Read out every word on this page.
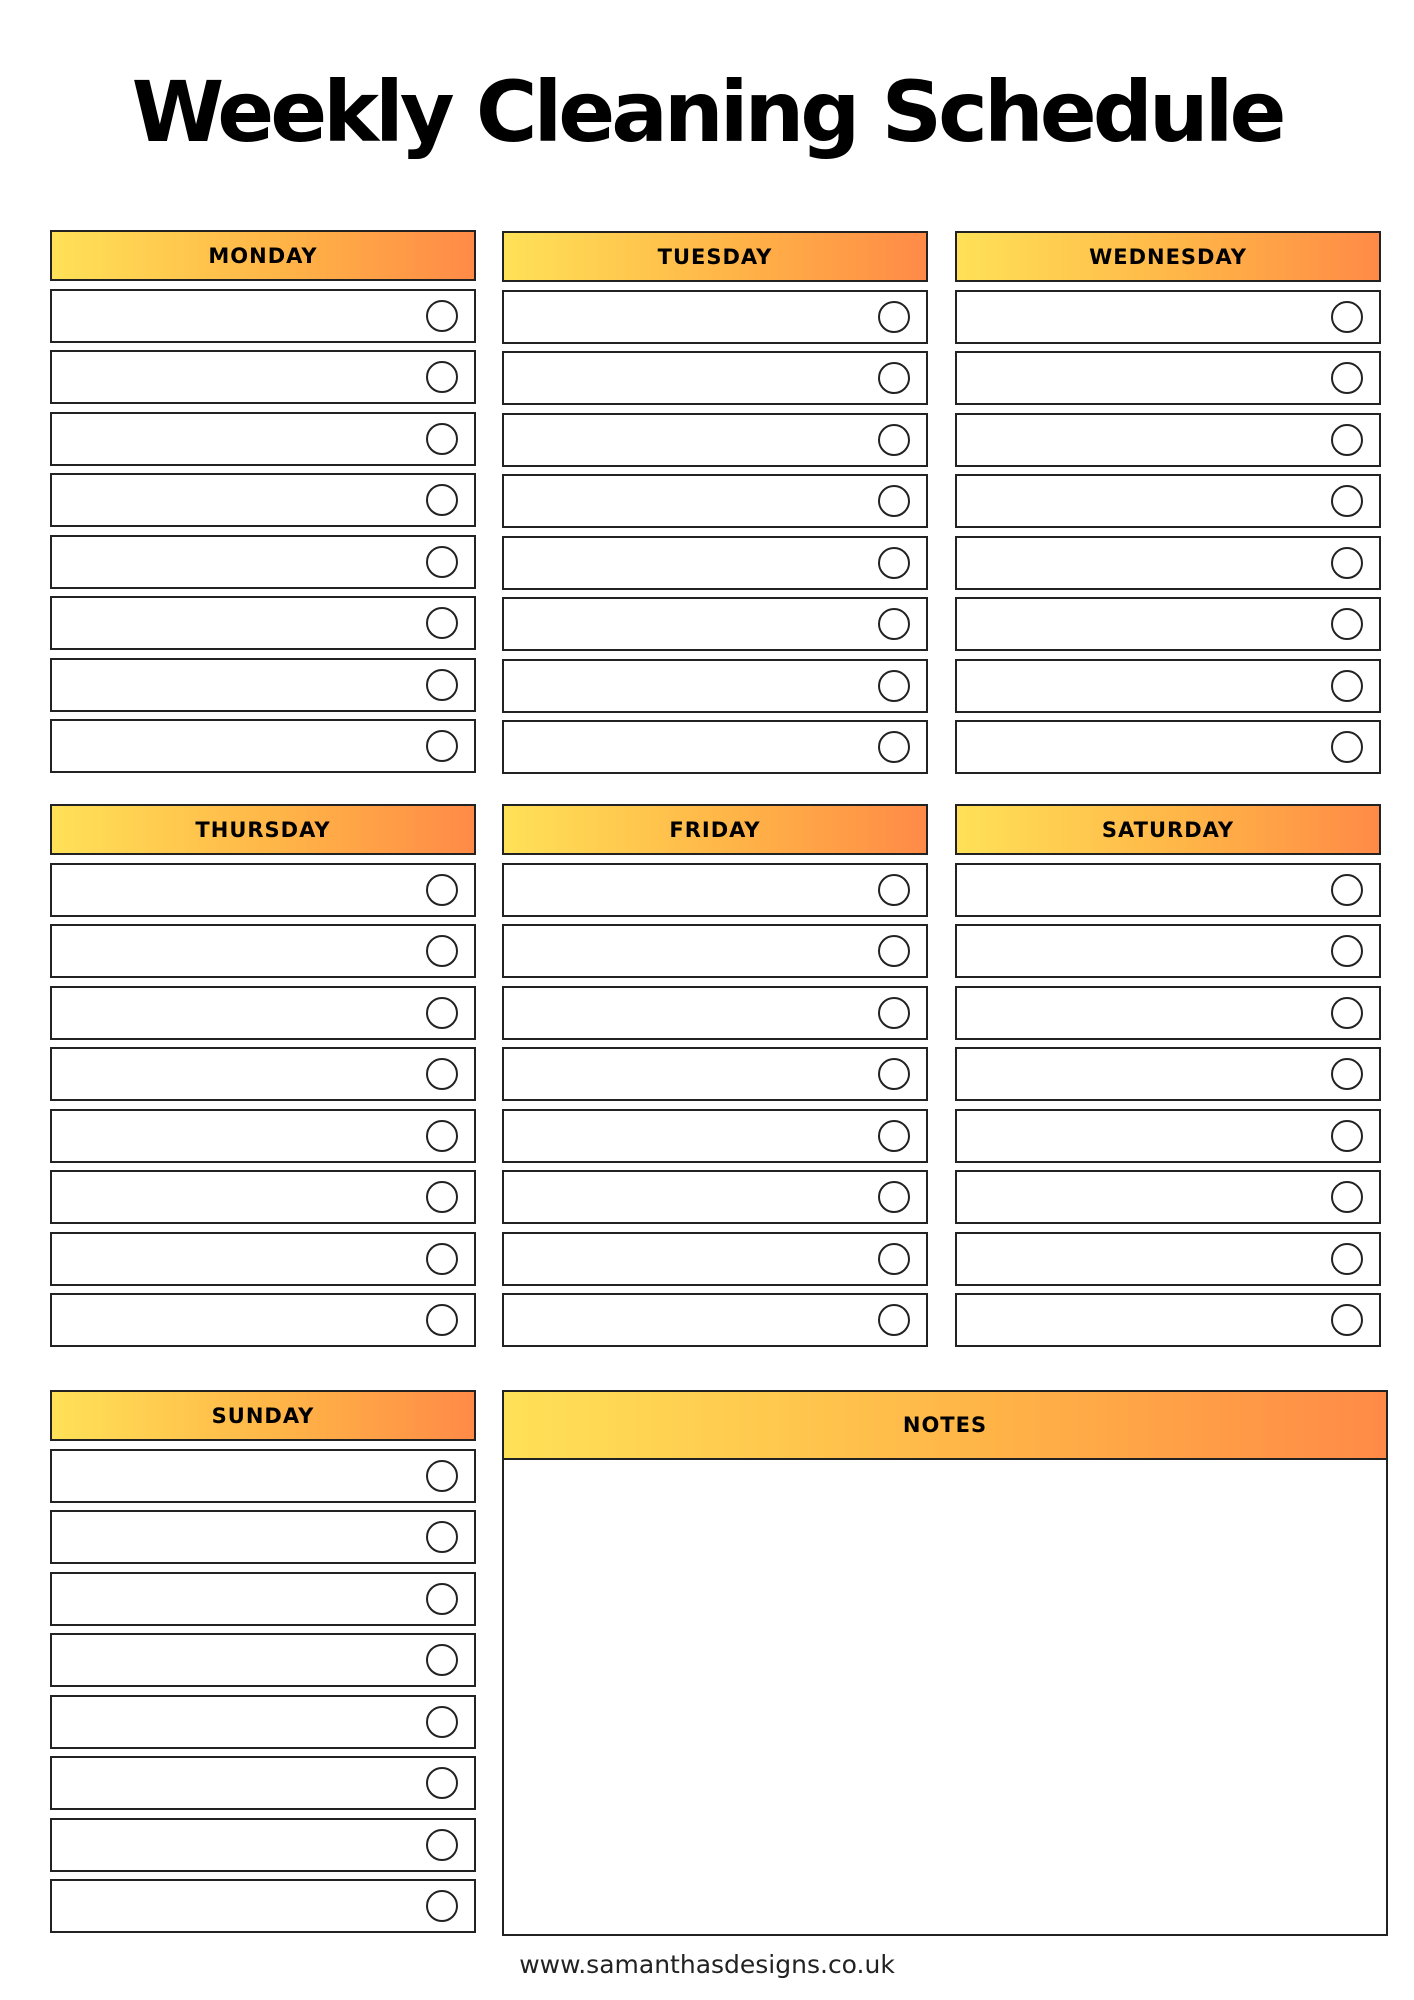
Weekly Cleaning Schedule
MONDAY	TUESDAY	WEDNESDAY
THURSDAY	FRIDAY	SATURDAY
SUNDAY	NOTES
www.samanthasdesigns.co.uk
